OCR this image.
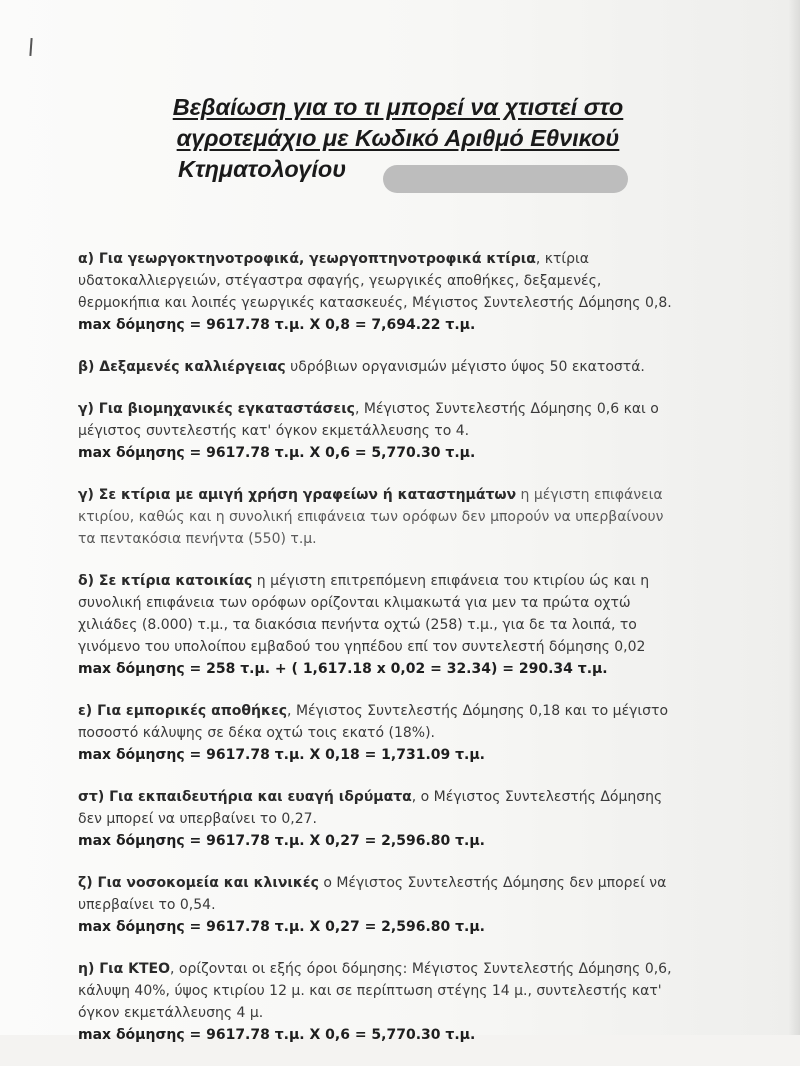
Βεβαίωση για το τι μπορεί να χτιστεί στο
αγροτεμάχιο με Κωδικό Αριθμό Εθνικού
Κτηματολογίου

α) Για γεωργοκτηνοτροφικά, γεωργοπτηνοτροφικά κτίρια, κτίρια υδατοκαλλιεργειών, στέγαστρα σφαγής, γεωργικές αποθήκες, δεξαμενές, θερμοκήπια και λοιπές γεωργικές κατασκευές, Μέγιστος Συντελεστής Δόμησης 0,8.

max δόμησης = 9617.78 τ.μ. Χ 0,8 = 7,694.22 τ.μ.

β) Δεξαμενές καλλιέργειας υδρόβιων οργανισμών μέγιστο ύψος 50 εκατοστά.

γ) Για βιομηχανικές εγκαταστάσεις, Μέγιστος Συντελεστής Δόμησης 0,6 και ο μέγιστος συντελεστής κατ' όγκον εκμετάλλευσης το 4.

max δόμησης = 9617.78 τ.μ. Χ 0,6 = 5,770.30 τ.μ.

γ) Σε κτίρια με αμιγή χρήση γραφείων ή καταστημάτων η μέγιστη επιφάνεια κτιρίου, καθώς και η συνολική επιφάνεια των ορόφων δεν μπορούν να υπερβαίνουν τα πεντακόσια πενήντα (550) τ.μ.

δ) Σε κτίρια κατοικίας η μέγιστη επιτρεπόμενη επιφάνεια του κτιρίου ώς και η συνολική επιφάνεια των ορόφων ορίζονται κλιμακωτά για μεν τα πρώτα οχτώ χιλιάδες (8.000) τ.μ., τα διακόσια πενήντα οχτώ (258) τ.μ., για δε τα λοιπά, το γινόμενο του υπολοίπου εμβαδού του γηπέδου επί τον συντελεστή δόμησης 0,02

max δόμησης = 258 τ.μ. + ( 1,617.18 x 0,02 = 32.34) = 290.34 τ.μ.

ε) Για εμπορικές αποθήκες, Μέγιστος Συντελεστής Δόμησης 0,18 και το μέγιστο ποσοστό κάλυψης σε δέκα οχτώ τοις εκατό (18%).

max δόμησης = 9617.78 τ.μ. Χ 0,18 = 1,731.09 τ.μ.

στ) Για εκπαιδευτήρια και ευαγή ιδρύματα, ο Μέγιστος Συντελεστής Δόμησης δεν μπορεί να υπερβαίνει το 0,27.

max δόμησης = 9617.78 τ.μ. Χ 0,27 = 2,596.80 τ.μ.

ζ) Για νοσοκομεία και κλινικές ο Μέγιστος Συντελεστής Δόμησης δεν μπορεί να υπερβαίνει το 0,54.

max δόμησης = 9617.78 τ.μ. Χ 0,27 = 2,596.80 τ.μ.

η) Για ΚΤΕΟ, ορίζονται οι εξής όροι δόμησης: Μέγιστος Συντελεστής Δόμησης 0,6, κάλυψη 40%, ύψος κτιρίου 12 μ. και σε περίπτωση στέγης 14 μ., συντελεστής κατ' όγκον εκμετάλλευσης 4 μ.

max δόμησης = 9617.78 τ.μ. Χ 0,6 = 5,770.30 τ.μ.
